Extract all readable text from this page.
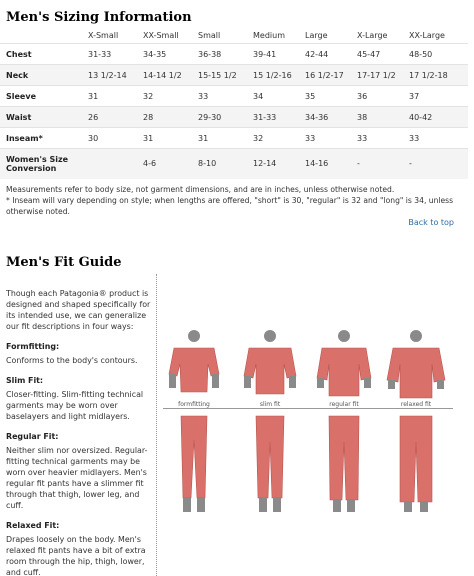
Men's Sizing Information
	X-Small	XX-Small	Small	Medium	Large	X-Large	XX-Large
Chest	31-33	34-35	36-38	39-41	42-44	45-47	48-50
Neck	13 1/2-14	14-14 1/2	15-15 1/2	15 1/2-16	16 1/2-17	17-17 1/2	17 1/2-18
Sleeve	31	32	33	34	35	36	37
Waist	26	28	29-30	31-33	34-36	38	40-42
Inseam*	30	31	31	32	33	33	33
Women's Size Conversion		4-6	8-10	12-14	14-16	-	-
Measurements refer to body size, not garment dimensions, and are in inches, unless otherwise noted.
* Inseam will vary depending on style; when lengths are offered, "short" is 30, "regular" is 32 and "long" is 34, unless otherwise noted.
Back to top
Men's Fit Guide

Though each Patagonia® product is designed and shaped specifically for its intended use, we can generalize our fit descriptions in four ways:

Formfitting:

Conforms to the body's contours.

Slim Fit:

Closer-fitting. Slim-fitting technical garments may be worn over baselayers and light midlayers.

Regular Fit:

Neither slim nor oversized. Regular-fitting technical garments may be worn over heavier midlayers. Men's regular fit pants have a slimmer fit through that thigh, lower leg, and cuff.

Relaxed Fit:

Drapes loosely on the body. Men's relaxed fit pants have a bit of extra room through the hip, thigh, lower, and cuff.

formfitting	slim fit	regular fit	relaxed fit
